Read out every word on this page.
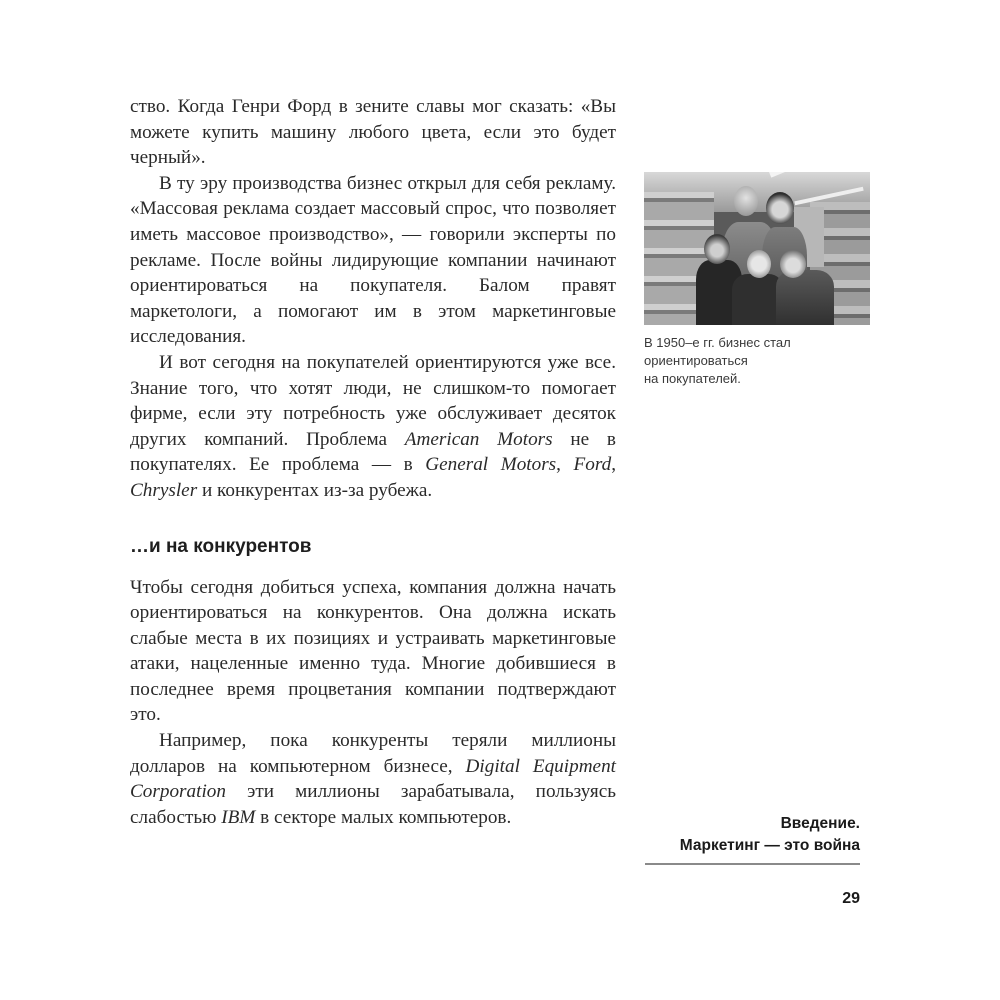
ство. Когда Генри Форд в зените славы мог сказать: «Вы можете купить машину любого цвета, если это будет черный».

В ту эру производства бизнес открыл для себя рекламу. «Массовая реклама создает массовый спрос, что позволяет иметь массовое производство», — говорили эксперты по рекламе. После войны лидирующие компании начинают ориентироваться на покупателя. Балом правят маркетологи, а помогают им в этом маркетинговые исследования.

И вот сегодня на покупателей ориентируются уже все. Знание того, что хотят люди, не слишком-то помогает фирме, если эту потребность уже обслуживает десяток других компаний. Проблема American Motors не в покупателях. Ее проблема — в General Motors, Ford, Chrysler и конкурентах из-за рубежа.

…и на конкурентов

Чтобы сегодня добиться успеха, компания должна начать ориентироваться на конкурентов. Она должна искать слабые места в их позициях и устраивать маркетинговые атаки, нацеленные именно туда. Многие добившиеся в последнее время процветания компании подтверждают это.

Например, пока конкуренты теряли миллионы долларов на компьютерном бизнесе, Digital Equipment Corporation эти миллионы зарабатывала, пользуясь слабостью IBM в секторе малых компьютеров.

В 1950–е гг. бизнес стал
ориентироваться
на покупателей.
Введение.
Маркетинг — это война
29
